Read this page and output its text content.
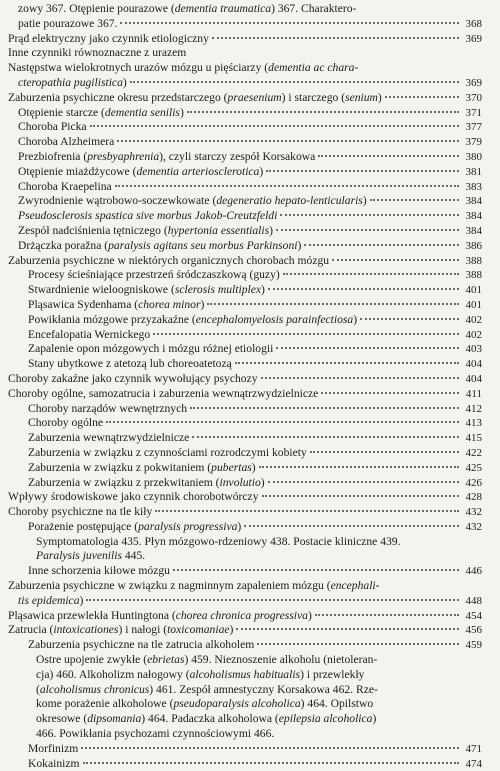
zowy 367. Otępienie pourazowe (dementia traumatica) 367. Charaktero-
patie pourazowe 367.	368
Prąd elektryczny jako czynnik etiologiczny	369
Inne czynniki równoznaczne z urazem
Następstwa wielokrotnych urazów mózgu u pięściarzy (dementia ac chara-
cteropathia pugilistica)	369
Zaburzenia psychiczne okresu przedstarczego (praesenium) i starczego (senium)	370
Otępienie starcze (dementia senilis)	371
Choroba Picka	377
Choroba Alzheimera	379
Prezbiofrenia (presbyaphrenia), czyli starczy zespół Korsakowa	380
Otępienie miażdżycowe (dementia arteriosclerotica)	381
Choroba Kraepelina	383
Zwyrodnienie wątrobowo-soczewkowate (degeneratio hepato-lenticularis)	384
Pseudosclerosis spastica sive morbus Jakob-Creutzfeldi	384
Zespół nadciśnienia tętniczego (hypertonia essentialis)	384
Drżączka poražna (paralysis agitans seu morbus Parkinsoni)	386
Zaburzenia psychiczne w niektórych organicznych chorobach mózgu	388
Procesy ścieśniające przestrzeń śródczaszkową (guzy)	388
Stwardnienie wieloogniskowe (sclerosis multiplex)	401
Pląsawica Sydenhama (chorea minor)	401
Powikłania mózgowe przyzakaźne (encephalomyelosis parainfectiosa)	402
Encefalopatia Wernickego	402
Zapalenie opon mózgowych i mózgu różnej etiologii	403
Stany ubytkowe z atetozą lub choreoatetozą	404
Choroby zakaźne jako czynnik wywołujący psychozy	404
Choroby ogólne, samozatrucia i zaburzenia wewnątrzwydzielnicze	411
Choroby narządów wewnętrznych	412
Choroby ogólne	413
Zaburzenia wewnątrzwydzielnicze	415
Zaburzenia w związku z czynnościami rozrodczymi kobiety	422
Zaburzenia w związku z pokwitaniem (pubertas)	425
Zaburzenia w związku z przekwitaniem (involutio)	426
Wpływy środowiskowe jako czynnik chorobotwórczy	428
Choroby psychiczne na tle kiły	432
Porażenie postępujące (paralysis progressiva)	432
Symptomatologia 435. Płyn mózgowo-rdzeniowy 438. Postacie kliniczne 439.
Paralysis juvenilis 445.
Inne schorzenia kiłowe mózgu	446
Zaburzenia psychiczne w związku z nagminnym zapaleniem mózgu (encephali-
tis epidemica)	448
Pląsawica przewlekła Huntingtona (chorea chronica progressiva)	454
Zatrucia (intoxicationes) i nałogi (toxicomaniae)	456
Zaburzenia psychiczne na tle zatrucia alkoholem	459
Ostre upojenie zwykłe (ebrietas) 459. Nieznoszenie alkoholu (nietoleran-
cja) 460. Alkoholizm nałogowy (alcoholismus habitualis) i przewlekły
(alcoholismus chronicus) 461. Zespół amnestyczny Korsakowa 462. Rze-
kome porażenie alkoholowe (pseudoparalysis alcoholica) 464. Opilstwo
okresowe (dipsomania) 464. Padaczka alkoholowa (epilepsia alcoholica)
466. Powikłania psychozami czynnościowymi 466.
Morfinizm	471
Kokainizm	474
